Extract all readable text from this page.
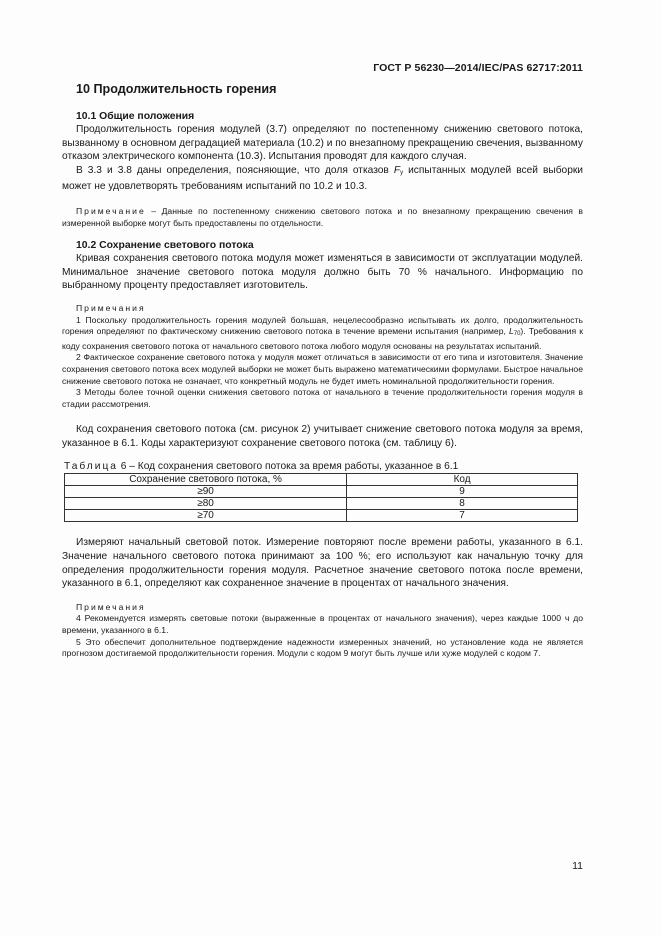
ГОСТ Р 56230—2014/IEC/PAS 62717:2011
10 Продолжительность горения
10.1 Общие положения

Продолжительность горения модулей (3.7) определяют по постепенному снижению светового потока, вызванному в основном деградацией материала (10.2) и по внезапному прекращению свечения, вызванному отказом электрического компонента (10.3). Испытания проводят для каждого случая.

В 3.3 и 3.8 даны определения, поясняющие, что доля отказов Fy испытанных модулей всей выборки может не удовлетворять требованиям испытаний по 10.2 и 10.3.

Примечание – Данные по постепенному снижению светового потока и по внезапному прекращению свечения в измеренной выборке могут быть предоставлены по отдельности.

10.2 Сохранение светового потока

Кривая сохранения светового потока модуля может изменяться в зависимости от эксплуатации модулей. Минимальное значение светового потока модуля должно быть 70 % начального. Информацию по выбранному проценту предоставляет изготовитель.

Примечания

1 Поскольку продолжительность горения модулей большая, нецелесообразно испытывать их долго, продолжительность горения определяют по фактическому снижению светового потока в течение времени испытания (например, L70). Требования к коду сохранения светового потока от начального светового потока любого модуля основаны на результатах испытаний.

2 Фактическое сохранение светового потока у модуля может отличаться в зависимости от его типа и изготовителя. Значение сохранения светового потока всех модулей выборки не может быть выражено математическими формулами. Быстрое начальное снижение светового потока не означает, что конкретный модуль не будет иметь номинальной продолжительности горения.

3 Методы более точной оценки снижения светового потока от начального в течение продолжительности горения модуля в стадии рассмотрения.

Код сохранения светового потока (см. рисунок 2) учитывает снижение светового потока модуля за время, указанное в 6.1. Коды характеризуют сохранение светового потока (см. таблицу 6).

Таблица 6 – Код сохранения светового потока за время работы, указанное в 6.1
Сохранение светового потока, %	Код
≥90	9
≥80	8
≥70	7

Измеряют начальный световой поток. Измерение повторяют после времени работы, указанного в 6.1. Значение начального светового потока принимают за 100 %; его используют как начальную точку для определения продолжительности горения модуля. Расчетное значение светового потока после времени, указанного в 6.1, определяют как сохраненное значение в процентах от начального значения.

Примечания

4 Рекомендуется измерять световые потоки (выраженные в процентах от начального значения), через каждые 1000 ч до времени, указанного в 6.1.

5 Это обеспечит дополнительное подтверждение надежности измеренных значений, но установление кода не является прогнозом достигаемой продолжительности горения. Модули с кодом 9 могут быть лучше или хуже модулей с кодом 7.

11
